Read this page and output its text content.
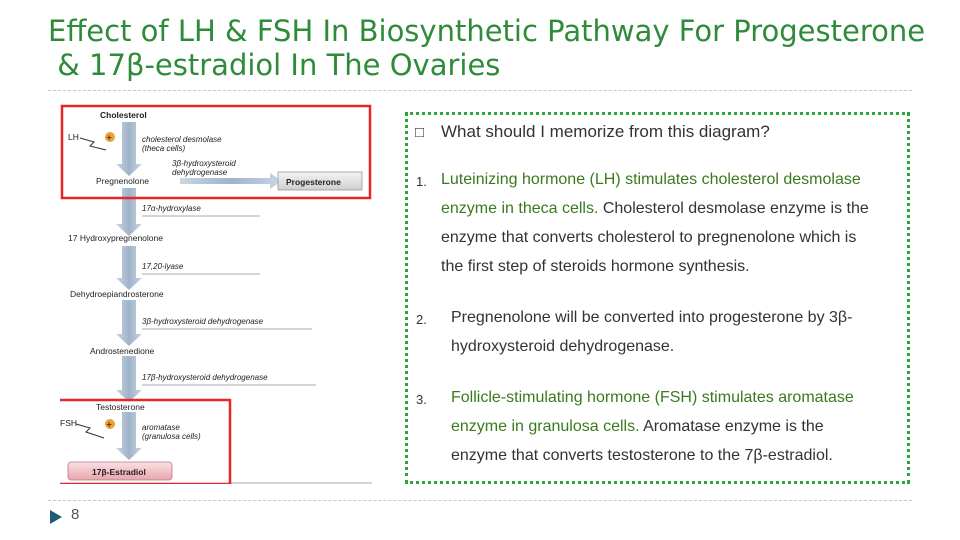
Effect of LH & FSH In Biosynthetic Pathway For Progesterone
& 17β-estradiol In The Ovaries
Cholesterol
LH	+	cholesterol desmolase
(theca cells)
3β-hydroxysteroid
dehydrogenase
Pregnenolone	Progesterone
17α-hydroxylase
17 Hydroxypregnenolone
17,20-lyase
Dehydroepiandrosterone
3β-hydroxysteroid dehydrogenase
Androstenedione
17β-hydroxysteroid dehydrogenase
Testosterone
FSH	+	aromatase
(granulosa cells)
17β-Estradiol
□ What should I memorize from this diagram?
1. Luteinizing hormone (LH) stimulates cholesterol desmolase
enzyme in theca cells. Cholesterol desmolase enzyme is the
enzyme that converts cholesterol to pregnenolone which is
the first step of steroids hormone synthesis.
2. Pregnenolone will be converted into progesterone by 3β-
hydroxysteroid dehydrogenase.
3. Follicle-stimulating hormone (FSH) stimulates aromatase
enzyme in granulosa cells. Aromatase enzyme is the
enzyme that converts testosterone to the 7β-estradiol.
8
